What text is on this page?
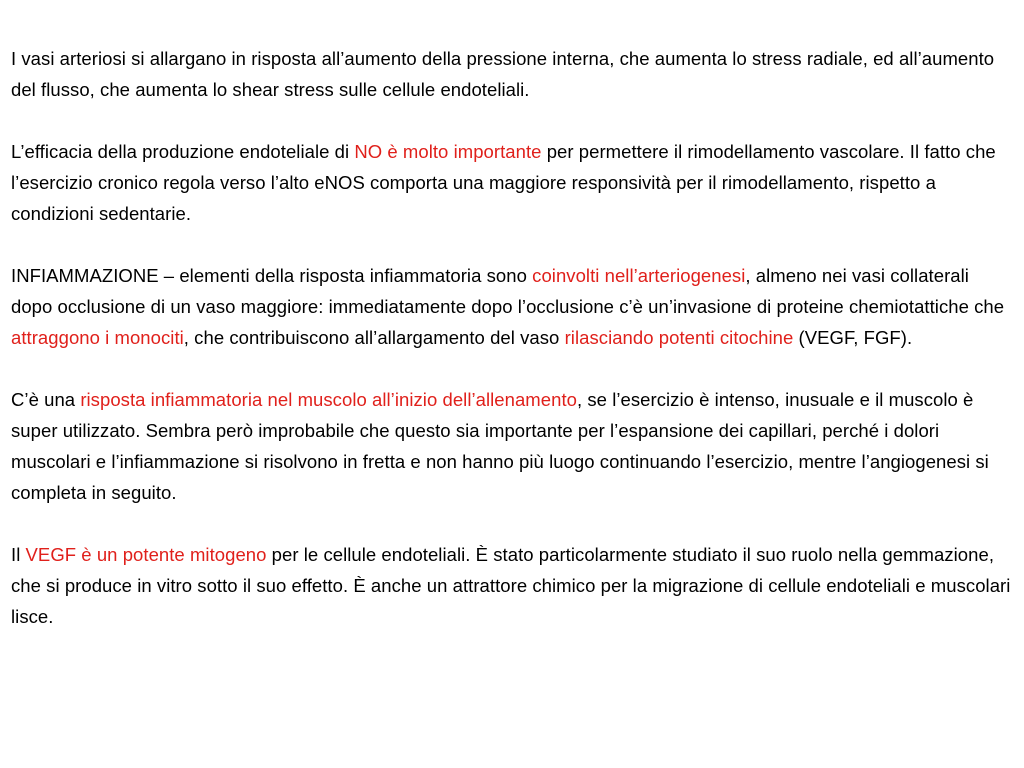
I vasi arteriosi si allargano in risposta all’aumento della pressione interna, che aumenta lo stress radiale, ed all’aumento del flusso, che aumenta lo shear stress sulle cellule endoteliali.

L’efficacia della produzione endoteliale di NO è molto importante per permettere il rimodellamento vascolare. Il fatto che l’esercizio cronico regola verso l’alto eNOS comporta una maggiore responsività per il rimodellamento, rispetto a condizioni sedentarie.

INFIAMMAZIONE – elementi della risposta infiammatoria sono coinvolti nell’arteriogenesi, almeno nei vasi collaterali dopo occlusione di un vaso maggiore: immediatamente dopo l’occlusione c’è un’invasione di proteine chemiotattiche che attraggono i monociti, che contribuiscono all’allargamento del vaso rilasciando potenti citochine (VEGF, FGF).

C’è una risposta infiammatoria nel muscolo all’inizio dell’allenamento, se l’esercizio è intenso, inusuale e il muscolo è super utilizzato. Sembra però improbabile che questo sia importante per l’espansione dei capillari, perché i dolori muscolari e l’infiammazione si risolvono in fretta e non hanno più luogo continuando l’esercizio, mentre l’angiogenesi si completa in seguito.

Il VEGF è un potente mitogeno per le cellule endoteliali. È stato particolarmente studiato il suo ruolo nella gemmazione, che si produce in vitro sotto il suo effetto. È anche un attrattore chimico per la migrazione di cellule endoteliali e muscolari lisce.
